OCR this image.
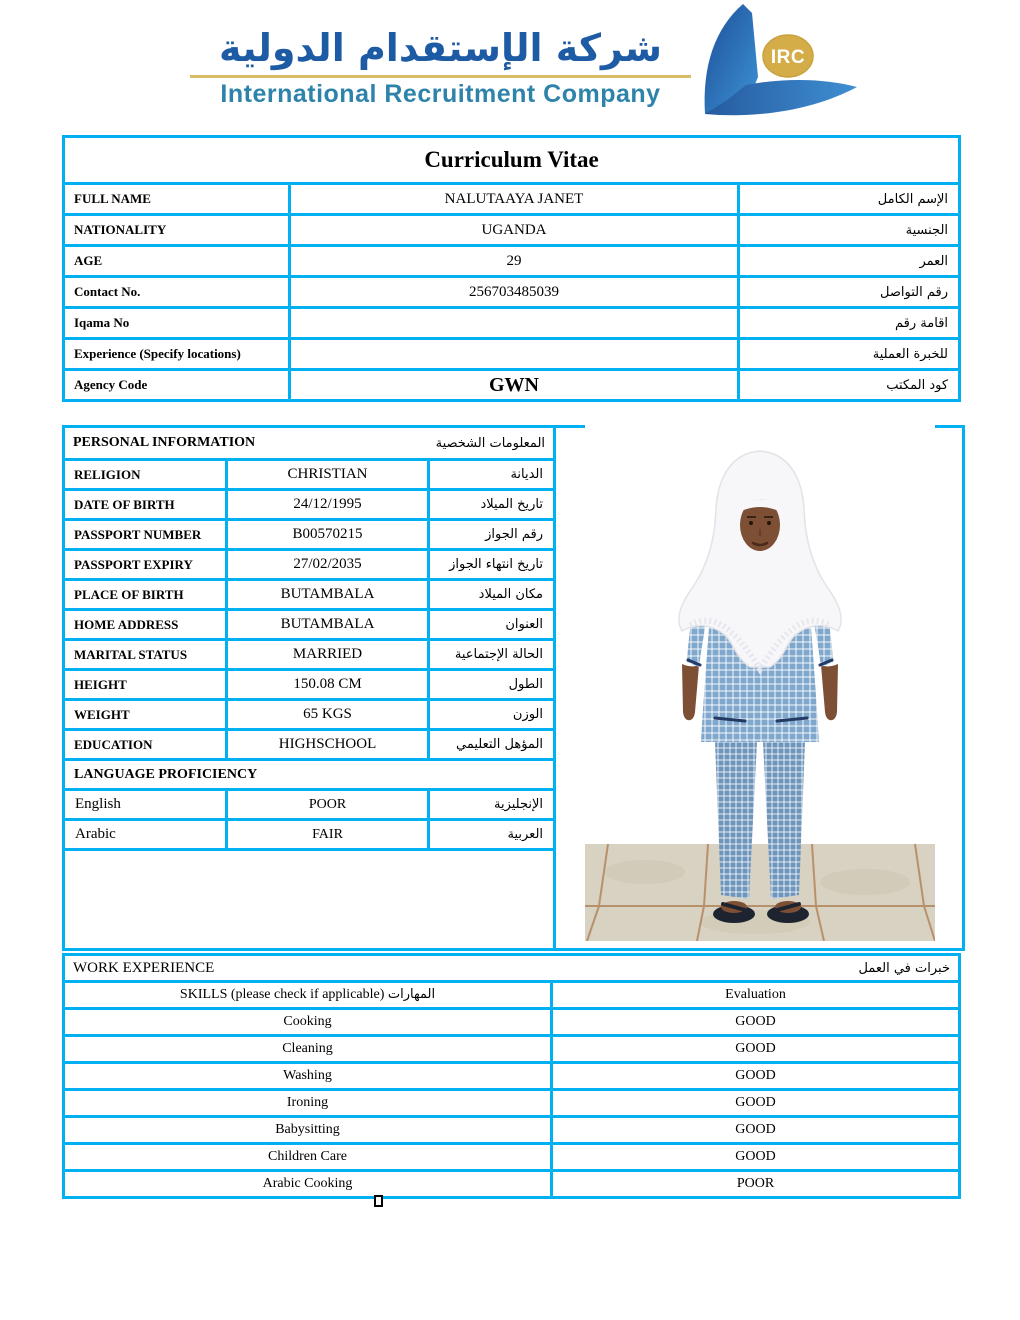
شركة الإستقدام الدولية
International Recruitment Company
IRC
Curriculum Vitae		
FULL NAME	NALUTAAYA JANET	الإسم الكامل
NATIONALITY	UGANDA	الجنسية
AGE	29	العمر
Contact No.	256703485039	رقم التواصل
Iqama No		اقامة رقم
Experience (Specify locations)		للخبرة العملية
Agency Code	GWN	كود المكتب
PERSONAL INFORMATION المعلومات الشخصية			

RELIGION	CHRISTIAN	الديانة	
DATE OF BIRTH	24/12/1995	تاريخ الميلاد	
PASSPORT NUMBER	B00570215	رقم الجواز	
PASSPORT EXPIRY	27/02/2035	تاريخ انتهاء الجواز	
PLACE OF BIRTH	BUTAMBALA	مكان الميلاد	
HOME ADDRESS	BUTAMBALA	العنوان	
MARITAL STATUS	MARRIED	الحالة الإجتماعية	
HEIGHT	150.08 CM	الطول	
WEIGHT	65 KGS	الوزن	
EDUCATION	HIGHSCHOOL	المؤهل التعليمي	
LANGUAGE PROFICIENCY			
English	POOR	الإنجليزية	
Arabic	FAIR	العربية	

WORK EXPERIENCE خبرات في العمل	

SKILLS (please check if applicable) المهارات	Evaluation
Cooking	GOOD
Cleaning	GOOD
Washing	GOOD
Ironing	GOOD
Babysitting	GOOD
Children Care	GOOD
Arabic Cooking	POOR
